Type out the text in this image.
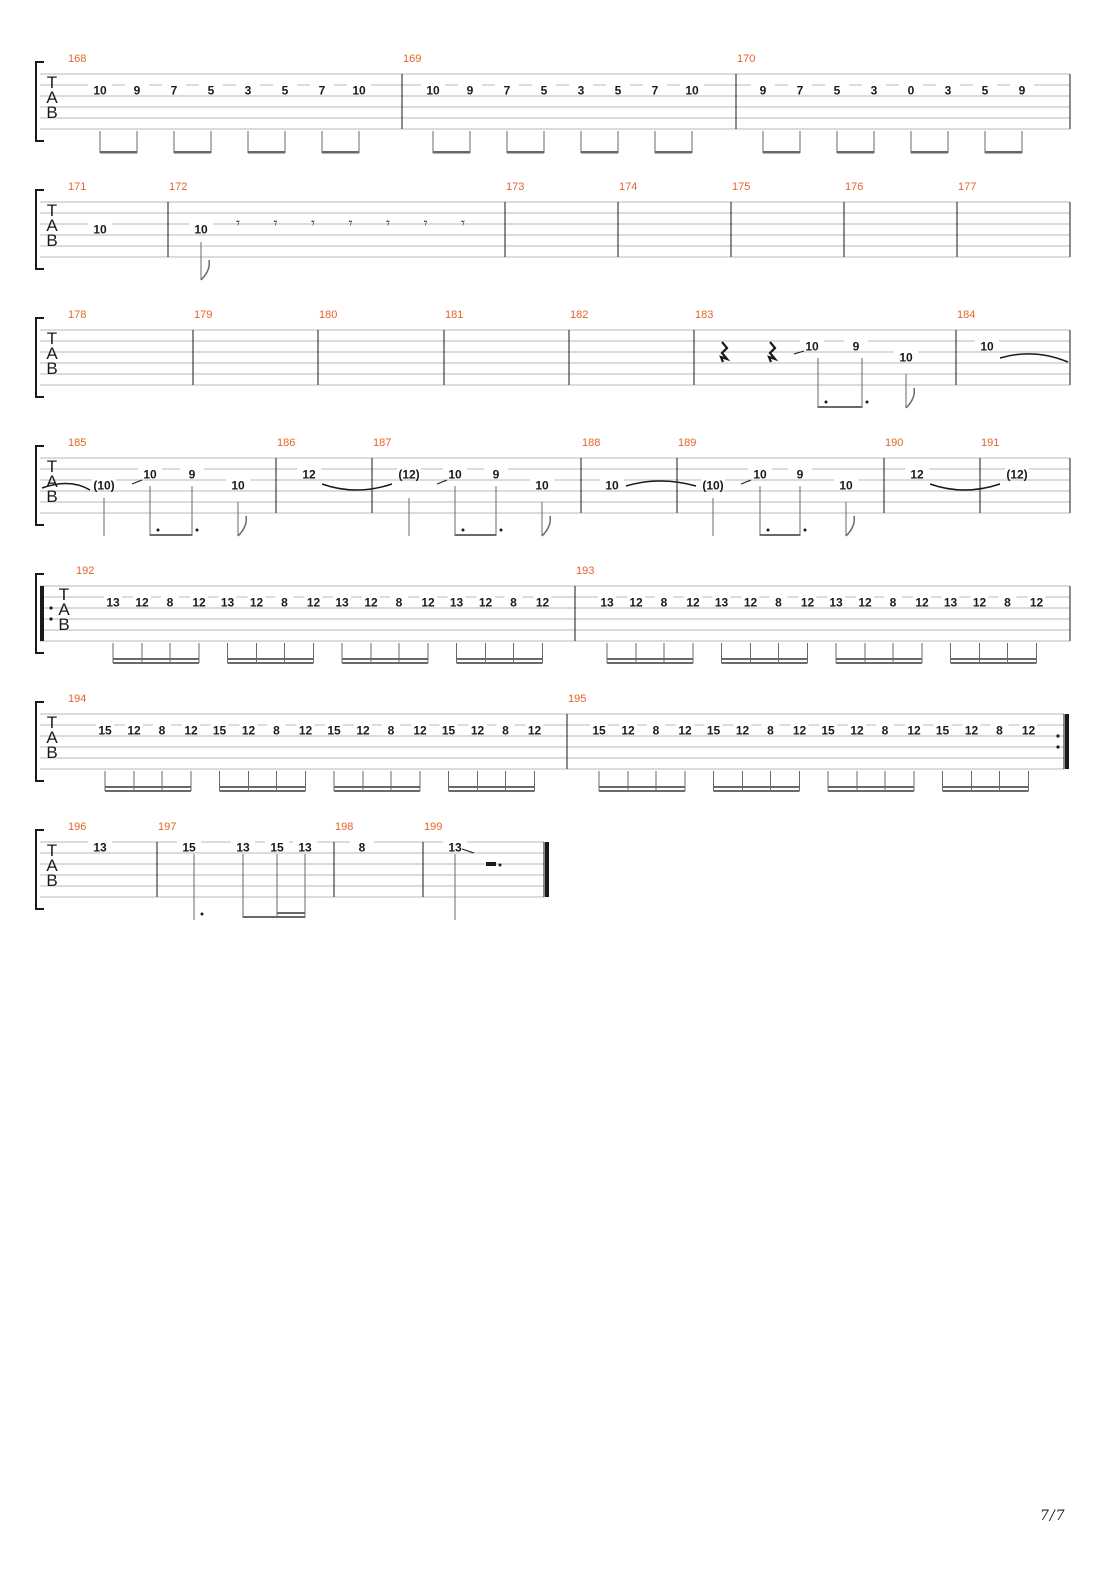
T
A
B
168	169	170
10 9	7	5	3	5	7 10	10 9	7	5	3	5	7 10	9	7	5	3	0	3	5	9
T
A
B
171	172	173	174	175	176	177
10	10 𝄾 𝄾 𝄾 𝄾 𝄾 𝄾 𝄾
T
A
B
178	179	180	181	182	183	184
10	9
10
10
T
A
B
185	186	187	188	189	190	191
(10)
10	9
10
12	(12) 10	9
10	10	(10)
10 9
10
12	(12)
T
A
B
192	193
13 12 8 12 13 12 8 12 13 12 8 12 13 12 8 12	13 12 8 12 13 12 8 12 13 12 8 12 13 12 8 12
T
A
B
194	195
15 12 8 12 15 12 8 12 15 12 8 12 15 12 8 12	15 12 8 12 15 12 8 12 15 12 8 12 15 12 8 12
T
A
B
196	197	198	199
13	15	13 15 13	8	13
7/7
